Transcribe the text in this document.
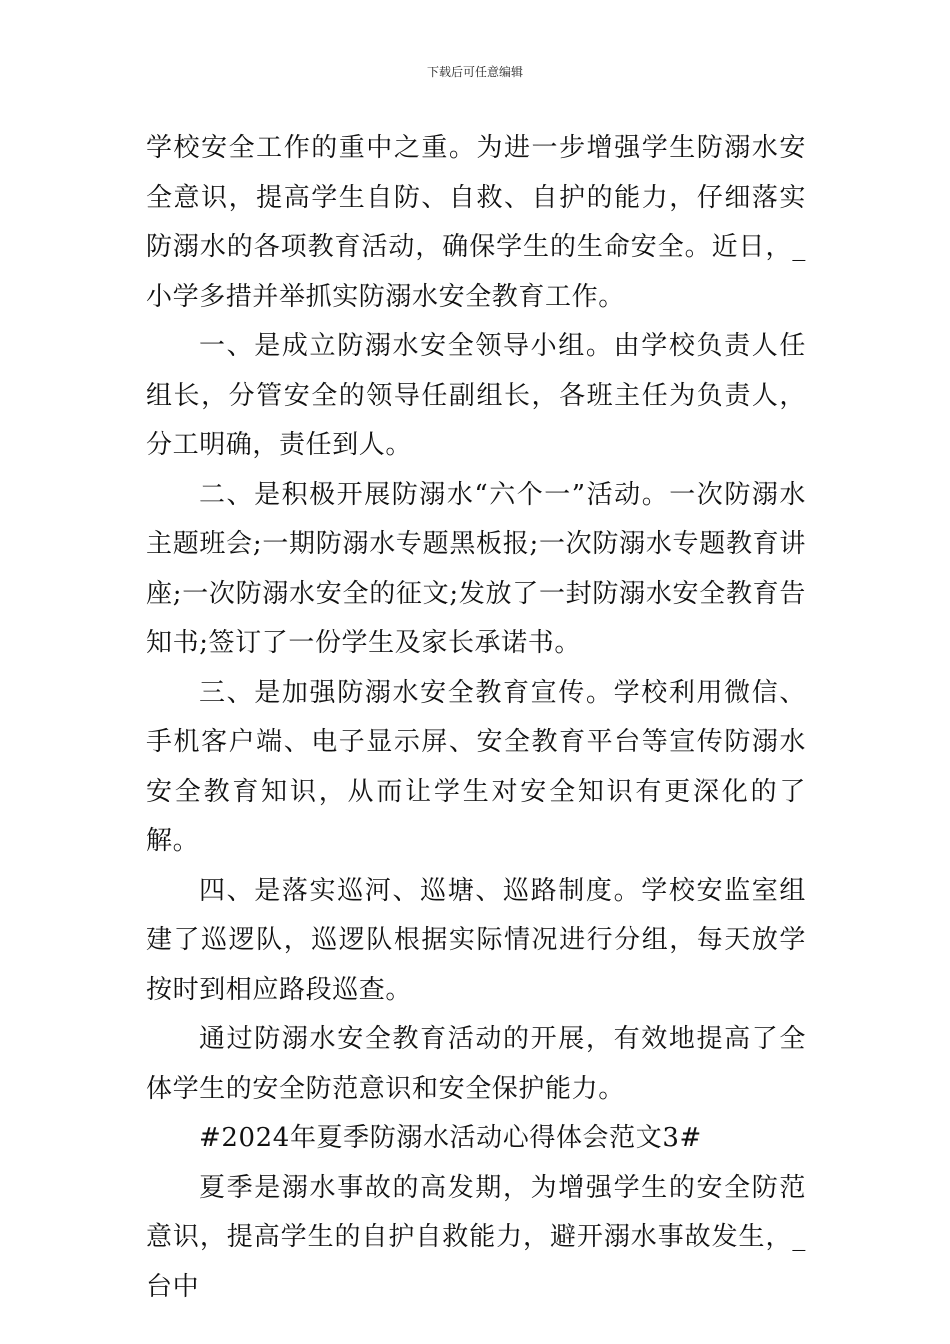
下载后可任意编辑

学校安全工作的重中之重。为进一步增强学生防溺水安全意识，提高学生自防、自救、自护的能力，仔细落实防溺水的各项教育活动，确保学生的生命安全。近日，_小学多措并举抓实防溺水安全教育工作。

一、是成立防溺水安全领导小组。由学校负责人任组长，分管安全的领导任副组长，各班主任为负责人，分工明确，责任到人。

二、是积极开展防溺水“六个一”活动。一次防溺水主题班会;一期防溺水专题黑板报;一次防溺水专题教育讲座;一次防溺水安全的征文;发放了一封防溺水安全教育告知书;签订了一份学生及家长承诺书。

三、是加强防溺水安全教育宣传。学校利用微信、手机客户端、电子显示屏、安全教育平台等宣传防溺水安全教育知识，从而让学生对安全知识有更深化的了解。

四、是落实巡河、巡塘、巡路制度。学校安监室组建了巡逻队，巡逻队根据实际情况进行分组，每天放学按时到相应路段巡查。

通过防溺水安全教育活动的开展，有效地提高了全体学生的安全防范意识和安全保护能力。

#2024年夏季防溺水活动心得体会范文3#

夏季是溺水事故的高发期，为增强学生的安全防范意识，提高学生的自护自救能力，避开溺水事故发生，_台中
